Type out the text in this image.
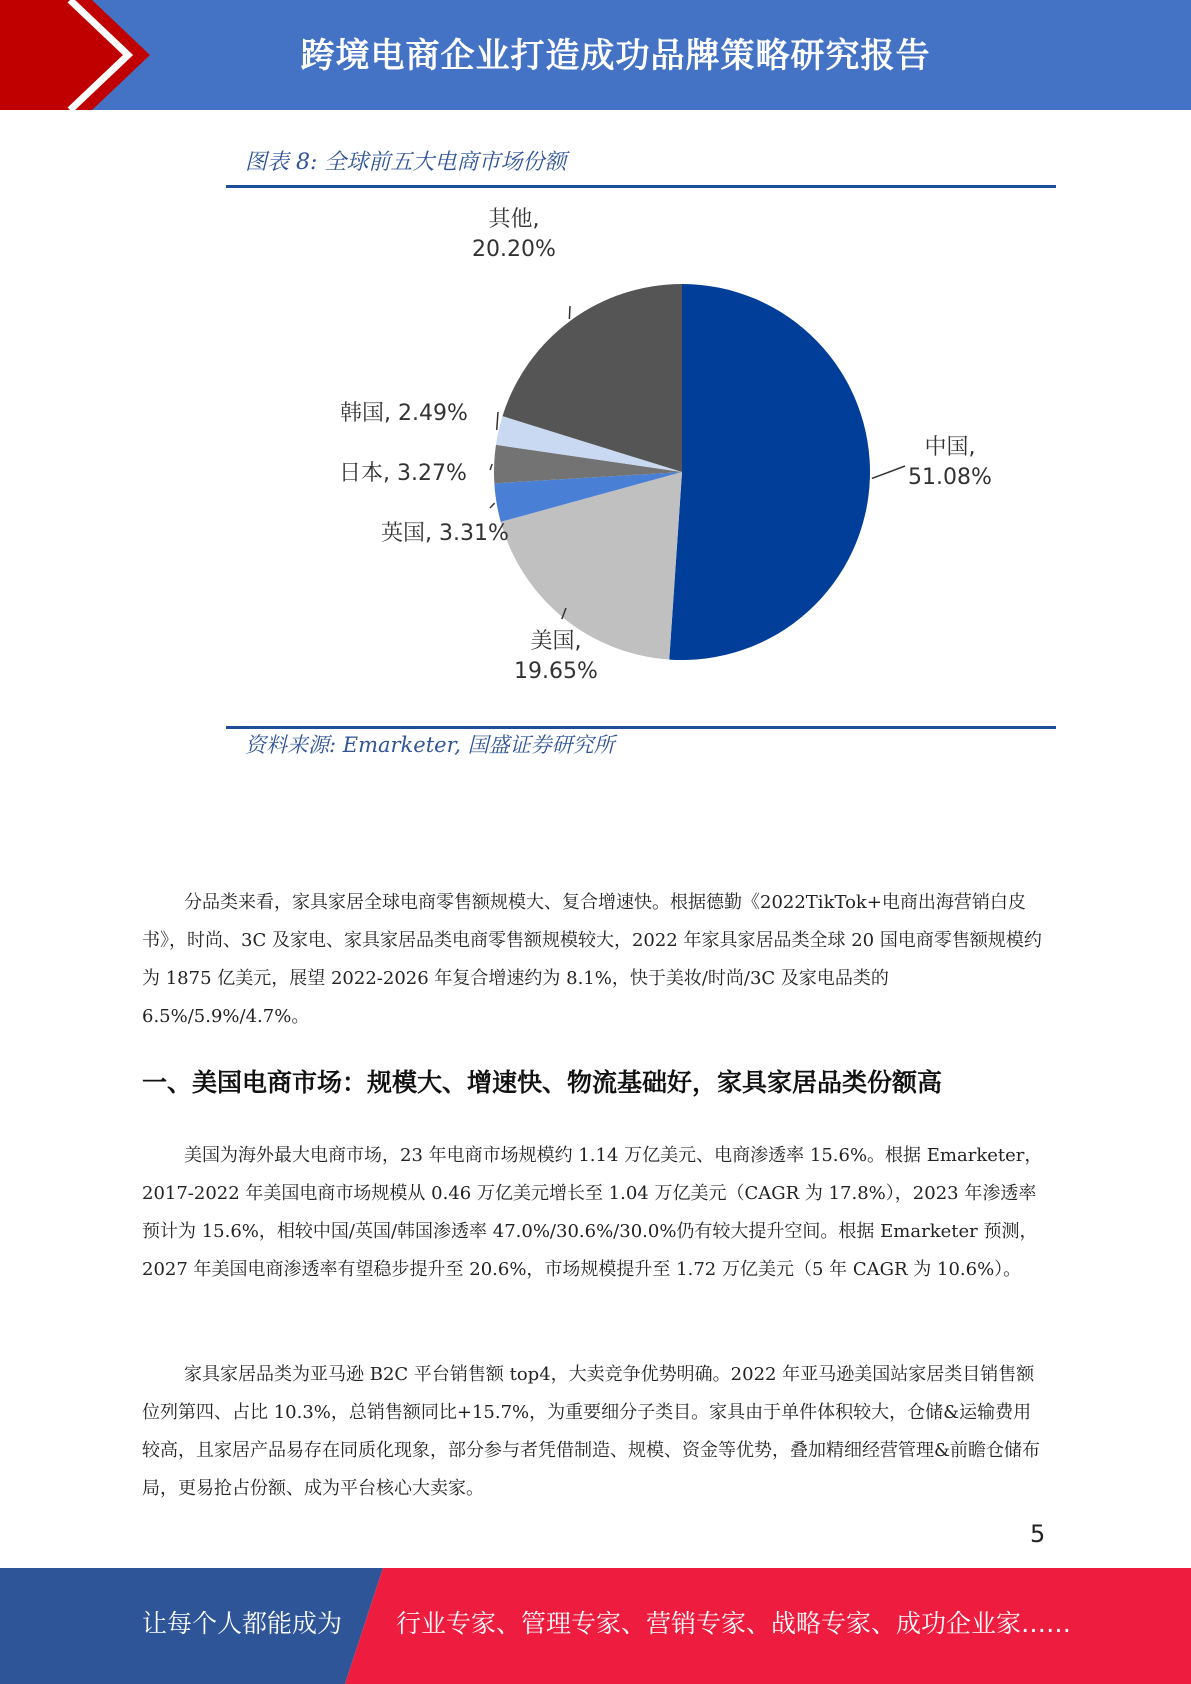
跨境电商企业打造成功品牌策略研究报告
图表 8: 全球前五大电商市场份额
中国,
51.08%
美国,
19.65%
英国, 3.31%
日本, 3.27%
韩国, 2.49%
其他,
20.20%
资料来源: Emarketer, 国盛证券研究所

分品类来看，家具家居全球电商零售额规模大、复合增速快。根据德勤《2022TikTok+电商出海营销白皮书》，时尚、3C 及家电、家具家居品类电商零售额规模较大，2022 年家具家居品类全球 20 国电商零售额规模约为 1875 亿美元，展望 2022-2026 年复合增速约为 8.1%，快于美妆/时尚/3C 及家电品类的 6.5%/5.9%/4.7%。

一、美国电商市场：规模大、增速快、物流基础好，家具家居品类份额高

美国为海外最大电商市场，23 年电商市场规模约 1.14 万亿美元、电商渗透率 15.6%。根据 Emarketer，2017-2022 年美国电商市场规模从 0.46 万亿美元增长至 1.04 万亿美元（CAGR 为 17.8%），2023 年渗透率预计为 15.6%，相较中国/英国/韩国渗透率 47.0%/30.6%/30.0%仍有较大提升空间。根据 Emarketer 预测，2027 年美国电商渗透率有望稳步提升至 20.6%，市场规模提升至 1.72 万亿美元（5 年 CAGR 为 10.6%）。

家具家居品类为亚马逊 B2C 平台销售额 top4，大卖竞争优势明确。2022 年亚马逊美国站家居类目销售额位列第四、占比 10.3%，总销售额同比+15.7%，为重要细分子类目。家具由于单件体积较大，仓储&运输费用较高，且家居产品易存在同质化现象，部分参与者凭借制造、规模、资金等优势，叠加精细经营管理&前瞻仓储布局，更易抢占份额、成为平台核心大卖家。

5
让每个人都能成为 行业专家、管理专家、营销专家、战略专家、成功企业家……
